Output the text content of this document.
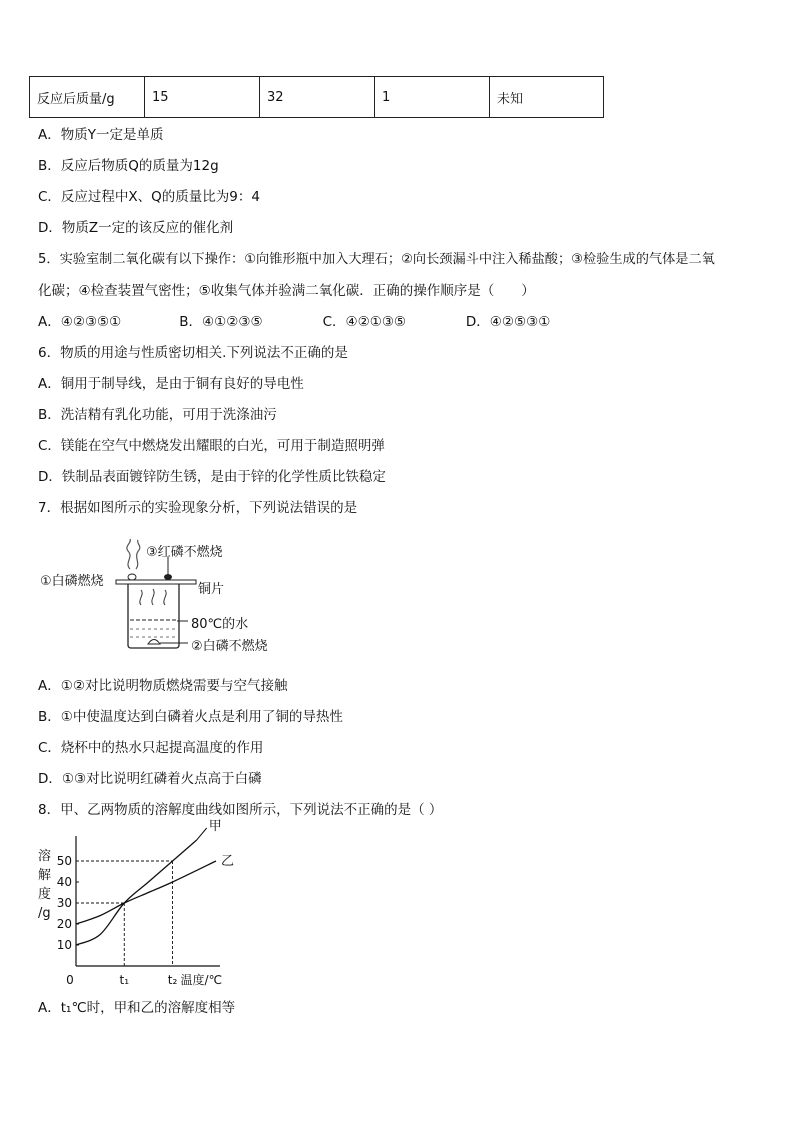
反应后质量/g	15	32	1	未知
A．物质Y一定是单质
B．反应后物质Q的质量为12g
C．反应过程中X、Q的质量比为9：4
D．物质Z一定的该反应的催化剂
5．实验室制二氧化碳有以下操作：①向锥形瓶中加入大理石；②向长颈漏斗中注入稀盐酸；③检验生成的气体是二氧
化碳；④检查装置气密性；⑤收集气体并验满二氧化碳．正确的操作顺序是（　　）
A．④②③⑤①	B．④①②③⑤	C．④②①③⑤	D．④②⑤③①
6．物质的用途与性质密切相关.下列说法不正确的是
A．铜用于制导线，是由于铜有良好的导电性
B．洗洁精有乳化功能，可用于洗涤油污
C．镁能在空气中燃烧发出耀眼的白光，可用于制造照明弹
D．铁制品表面镀锌防生锈，是由于锌的化学性质比铁稳定
7．根据如图所示的实验现象分析，下列说法错误的是
③红磷不燃烧
①白磷燃烧
铜片
80℃的水
②白磷不燃烧
A．①②对比说明物质燃烧需要与空气接触
B．①中使温度达到白磷着火点是利用了铜的导热性
C．烧杯中的热水只起提高温度的作用
D．①③对比说明红磷着火点高于白磷
8．甲、乙两物质的溶解度曲线如图所示，下列说法不正确的是（ ）
溶
解
度
/g
10
20
30
40
50
0	t₁	t₂ 温度/℃
甲
乙
A．t₁℃时，甲和乙的溶解度相等
